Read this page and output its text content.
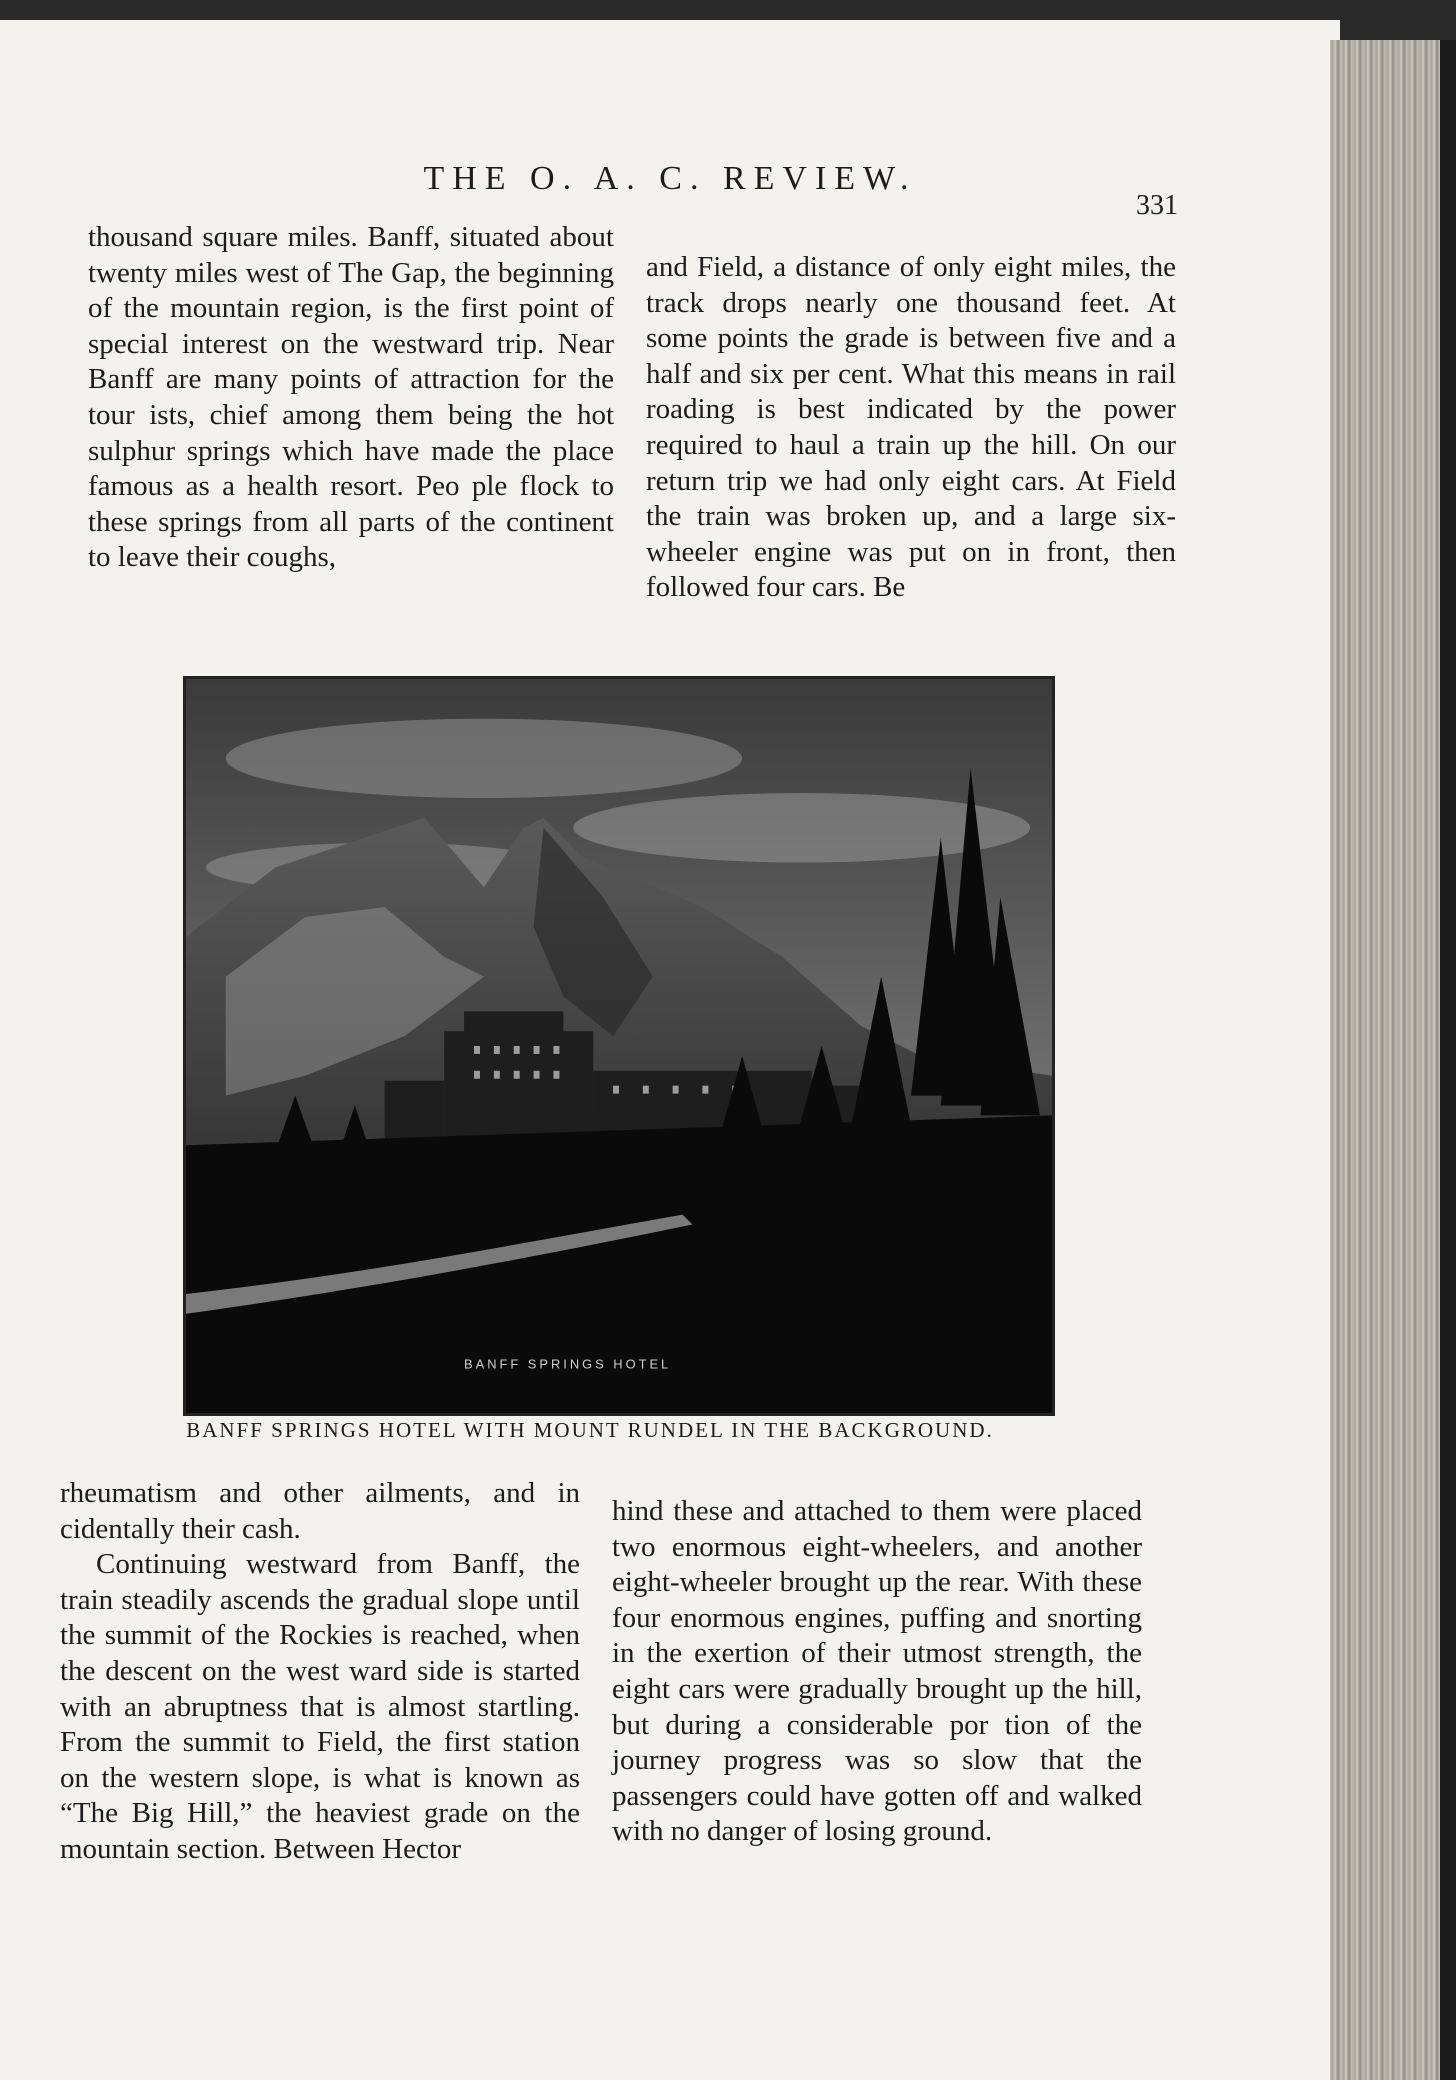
THE O. A. C. REVIEW.
331

thousand square miles. Banff, situated about twenty miles west of The Gap, the beginning of the mountain region, is the first point of special interest on the westward trip. Near Banff are many points of attraction for the tour ists, chief among them being the hot sulphur springs which have made the place famous as a health resort. Peo ple flock to these springs from all parts of the continent to leave their coughs,

and Field, a distance of only eight miles, the track drops nearly one thousand feet. At some points the grade is between five and a half and six per cent. What this means in rail roading is best indicated by the power required to haul a train up the hill. On our return trip we had only eight cars. At Field the train was broken up, and a large six-wheeler engine was put on in front, then followed four cars. Be

BANFF SPRINGS HOTEL
BANFF SPRINGS HOTEL WITH MOUNT RUNDEL IN THE BACKGROUND.

rheumatism and other ailments, and in cidentally their cash.

Continuing westward from Banff, the train steadily ascends the gradual slope until the summit of the Rockies is reached, when the descent on the west ward side is started with an abruptness that is almost startling. From the summit to Field, the first station on the western slope, is what is known as “The Big Hill,” the heaviest grade on the mountain section. Between Hector

hind these and attached to them were placed two enormous eight-wheelers, and another eight-wheeler brought up the rear. With these four enormous engines, puffing and snorting in the exertion of their utmost strength, the eight cars were gradually brought up the hill, but during a considerable por tion of the journey progress was so slow that the passengers could have gotten off and walked with no danger of losing ground.
